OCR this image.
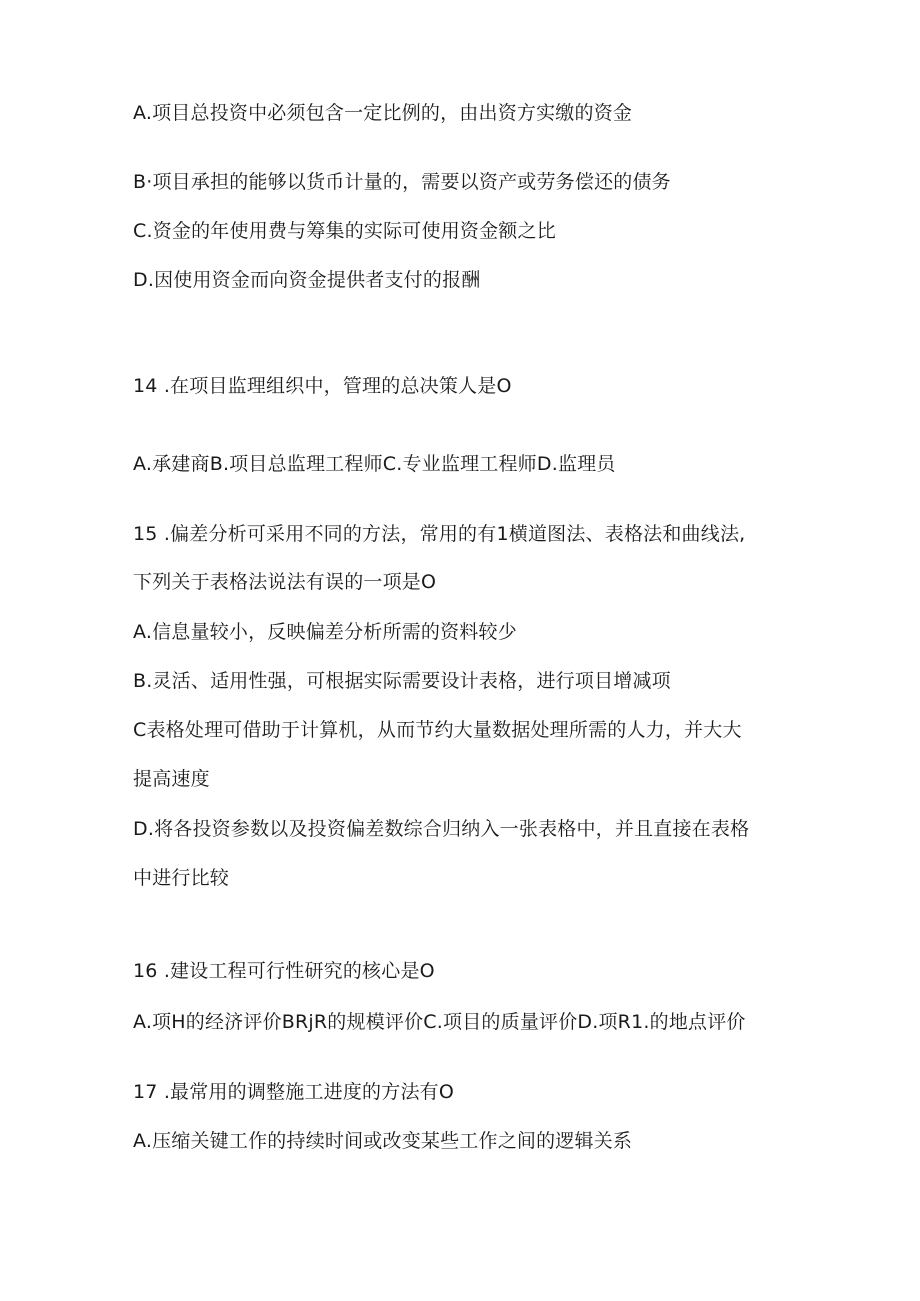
A.项目总投资中必须包含一定比例的，由出资方实缴的资金
B·项目承担的能够以货币计量的，需要以资产或劳务偿还的债务
C.资金的年使用费与筹集的实际可使用资金额之比
D.因使用资金而向资金提供者支付的报酬
14 .在项目监理组织中，管理的总决策人是O
A.承建商B.项目总监理工程师C.专业监理工程师D.监理员
15 .偏差分析可采用不同的方法，常用的有1横道图法、表格法和曲线法,
下列关于表格法说法有误的一项是O
A.信息量较小，反映偏差分析所需的资料较少
B.灵活、适用性强，可根据实际需要设计表格，进行项目增减项
C表格处理可借助于计算机，从而节约大量数据处理所需的人力，并大大
提高速度
D.将各投资参数以及投资偏差数综合归纳入一张表格中，并且直接在表格
中进行比较
16 .建设工程可行性研究的核心是O
A.项H的经济评价BRjR的规模评价C.项目的质量评价D.项R1.的地点评价
17 .最常用的调整施工进度的方法有O
A.压缩关键工作的持续时间或改变某些工作之间的逻辑关系
